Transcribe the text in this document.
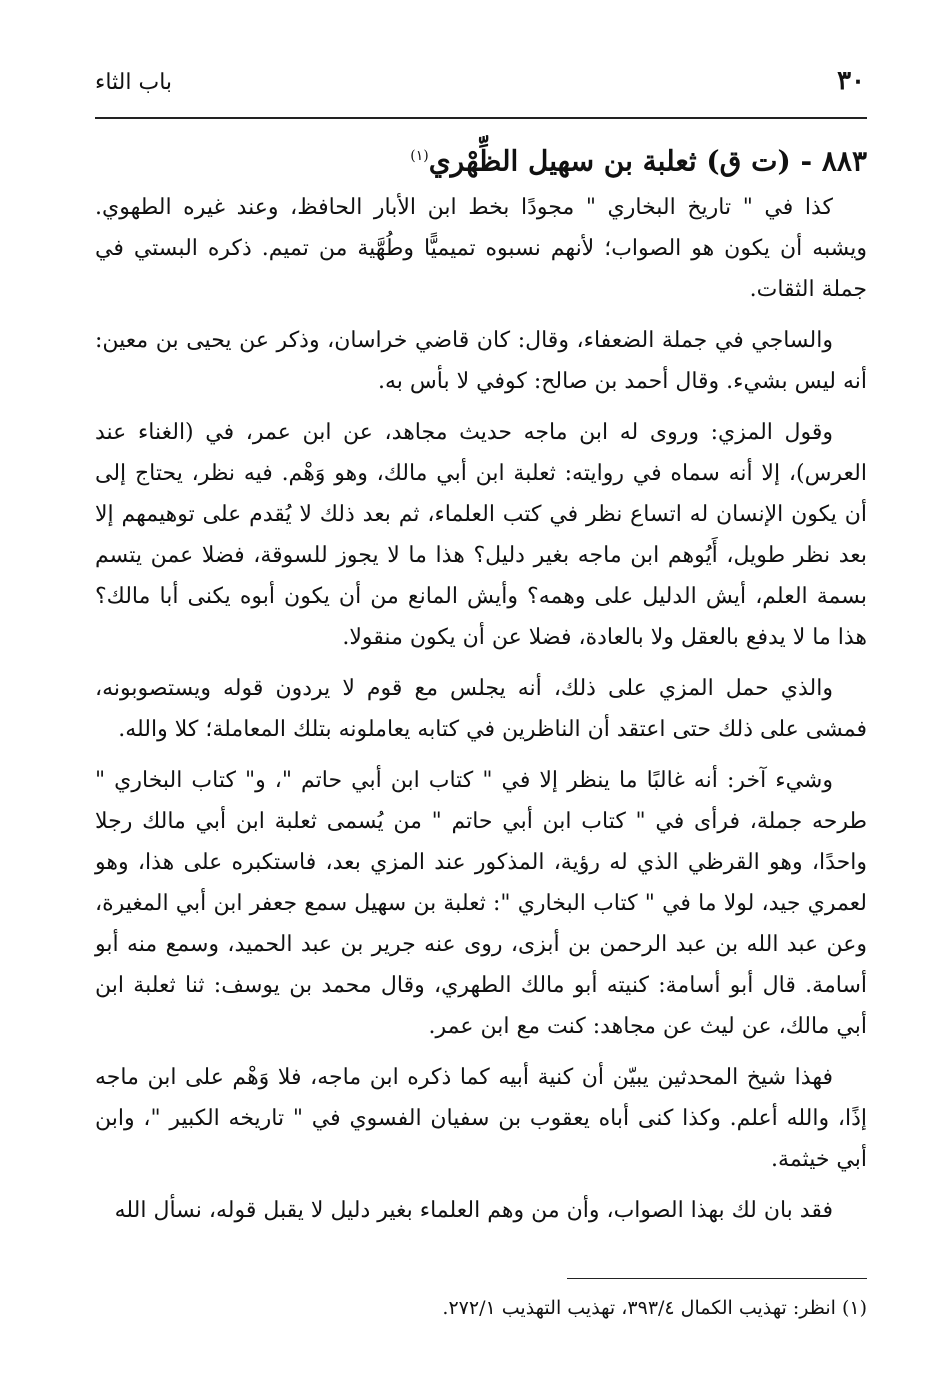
٣٠
باب الثاء
٨٨٣ - (ت ق) ثعلبة بن سهيل الظِّهْري$^{(١)}$

كذا في " تاريخ البخاري " مجودًا بخط ابن الأبار الحافظ، وعند غيره الطهوي. ويشبه أن يكون هو الصواب؛ لأنهم نسبوه تميميًّا وطُهَّية من تميم. ذكره البستي في جملة الثقات.

والساجي في جملة الضعفاء، وقال: كان قاضي خراسان، وذكر عن يحيى بن معين: أنه ليس بشيء. وقال أحمد بن صالح: كوفي لا بأس به.

وقول المزي: وروى له ابن ماجه حديث مجاهد، عن ابن عمر، في (الغناء عند العرس)، إلا أنه سماه في روايته: ثعلبة ابن أبي مالك، وهو وَهْم. فيه نظر، يحتاج إلى أن يكون الإنسان له اتساع نظر في كتب العلماء، ثم بعد ذلك لا يُقدم على توهيمهم إلا بعد نظر طويل، أَيُوهم ابن ماجه بغير دليل؟ هذا ما لا يجوز للسوقة، فضلا عمن يتسم بسمة العلم، أيش الدليل على وهمه؟ وأيش المانع من أن يكون أبوه يكنى أبا مالك؟ هذا ما لا يدفع بالعقل ولا بالعادة، فضلا عن أن يكون منقولا.

والذي حمل المزي على ذلك، أنه يجلس مع قوم لا يردون قوله ويستصوبونه، فمشى على ذلك حتى اعتقد أن الناظرين في كتابه يعاملونه بتلك المعاملة؛ كلا والله.

وشيء آخر: أنه غالبًا ما ينظر إلا في " كتاب ابن أبي حاتم "، و" كتاب البخاري " طرحه جملة، فرأى في " كتاب ابن أبي حاتم " من يُسمى ثعلبة ابن أبي مالك رجلا واحدًا، وهو القرظي الذي له رؤية، المذكور عند المزي بعد، فاستكبره على هذا، وهو لعمري جيد، لولا ما في " كتاب البخاري ": ثعلبة بن سهيل سمع جعفر ابن أبي المغيرة، وعن عبد الله بن عبد الرحمن بن أبزى، روى عنه جرير بن عبد الحميد، وسمع منه أبو أسامة. قال أبو أسامة: كنيته أبو مالك الطهري، وقال محمد بن يوسف: ثنا ثعلبة ابن أبي مالك، عن ليث عن مجاهد: كنت مع ابن عمر.

فهذا شيخ المحدثين يبيّن أن كنية أبيه كما ذكره ابن ماجه، فلا وَهْم على ابن ماجه إذًا، والله أعلم. وكذا كنى أباه يعقوب بن سفيان الفسوي في " تاريخه الكبير "، وابن أبي خيثمة.

فقد بان لك بهذا الصواب، وأن من وهم العلماء بغير دليل لا يقبل قوله، نسأل الله

(١) انظر: تهذيب الكمال ٣٩٣/٤، تهذيب التهذيب ٢٧٢/١.
